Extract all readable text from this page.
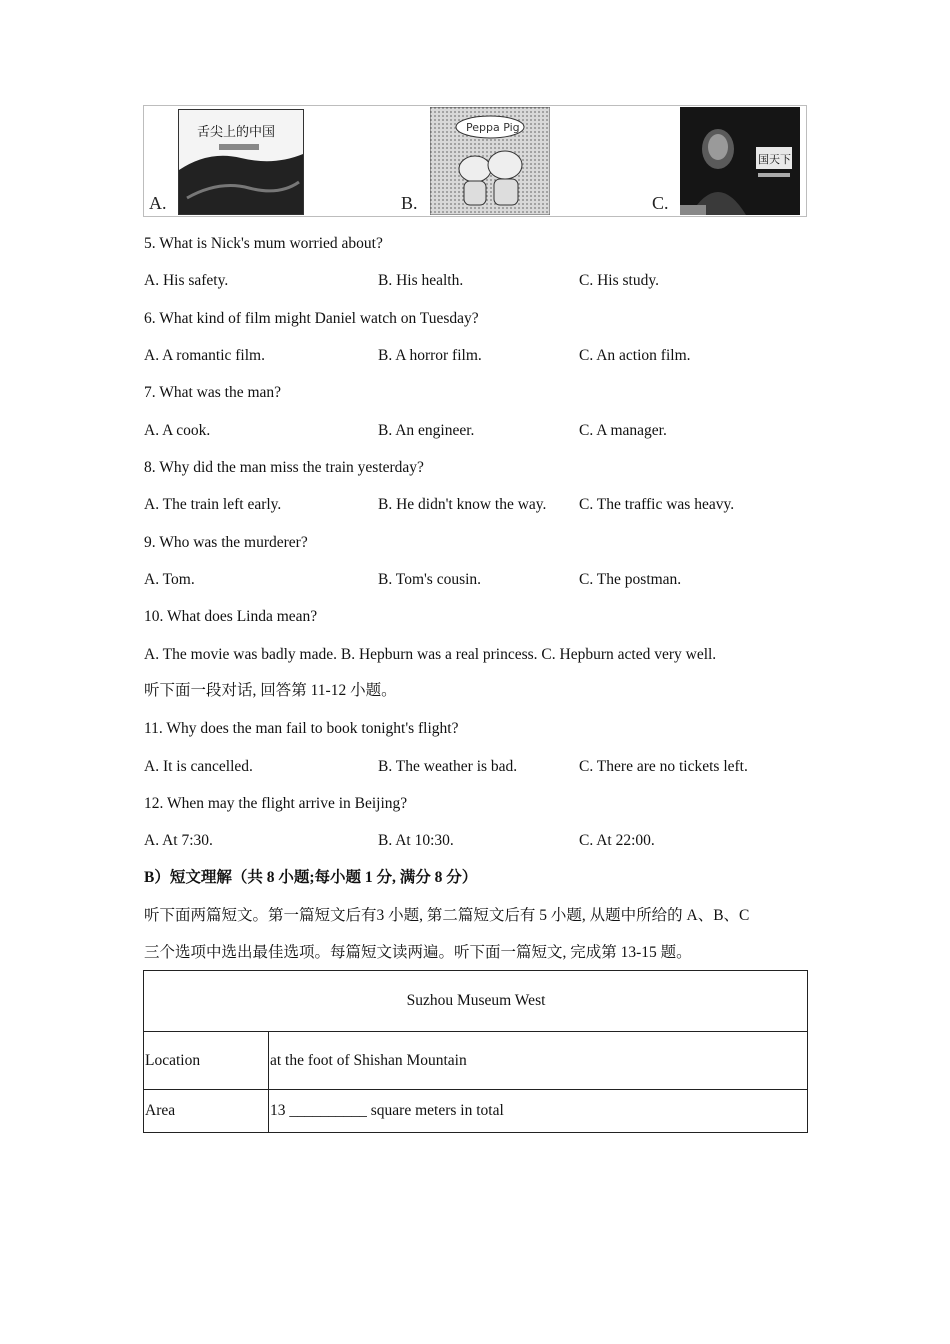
舌尖上的中国
A.
Peppa Pig
B.
国天下
C.
5. What is Nick's mum worried about?
A. His safety.	B. His health.	C. His study.
6. What kind of film might Daniel watch on Tuesday?
A. A romantic film.	B. A horror film.	C. An action film.
7. What was the man?
A. A cook.	B. An engineer.	C. A manager.
8. Why did the man miss the train yesterday?
A. The train left early.	B. He didn't know the way. C. The traffic was heavy.
9. Who was the murderer?
A. Tom.	B. Tom's cousin.	C. The postman.
10. What does Linda mean?
A. The movie was badly made. B. Hepburn was a real princess. C. Hepburn acted very well.
听下面一段对话, 回答第 11-12 小题。
11. Why does the man fail to book tonight's flight?
A. It is cancelled.	B. The weather is bad.	C. There are no tickets left.
12. When may the flight arrive in Beijing?
A. At 7:30.	B. At 10:30.	C. At 22:00.
B）短文理解（共 8 小题;每小题 1 分, 满分 8 分）
听下面两篇短文。第一篇短文后有3 小题, 第二篇短文后有 5 小题, 从题中所给的 A、B、C
三个选项中选出最佳选项。每篇短文读两遍。听下面一篇短文, 完成第 13-15 题。
Suzhou Museum West	
Location	at the foot of Shishan Mountain
Area	13 __________ square meters in total
